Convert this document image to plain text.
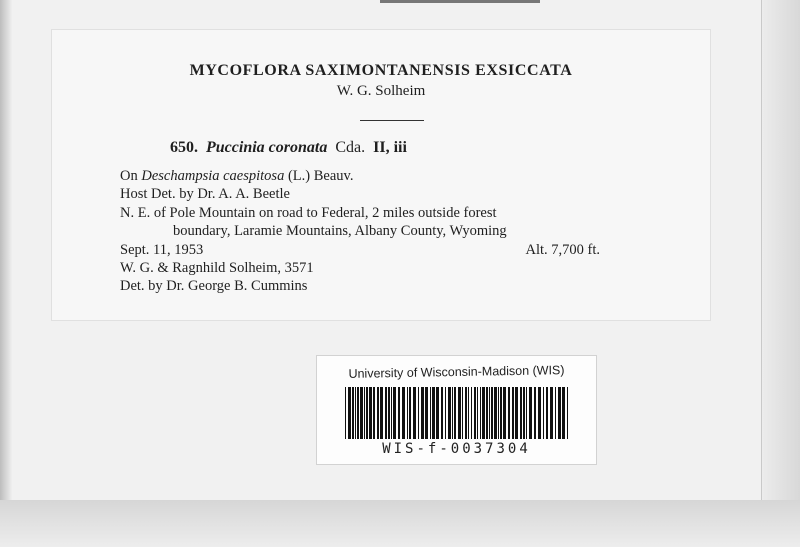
MYCOFLORA SAXIMONTANENSIS EXSICCATA
W. G. Solheim
650. Puccinia coronata Cda. II, iii
On Deschampsia caespitosa (L.) Beauv.
Host Det. by Dr. A. A. Beetle
N. E. of Pole Mountain on road to Federal, 2 miles outside forest
boundary, Laramie Mountains, Albany County, Wyoming
Sept. 11, 1953	Alt. 7,700 ft.
W. G. & Ragnhild Solheim, 3571
Det. by Dr. George B. Cummins
University of Wisconsin-Madison (WIS)
WIS-f-0037304
